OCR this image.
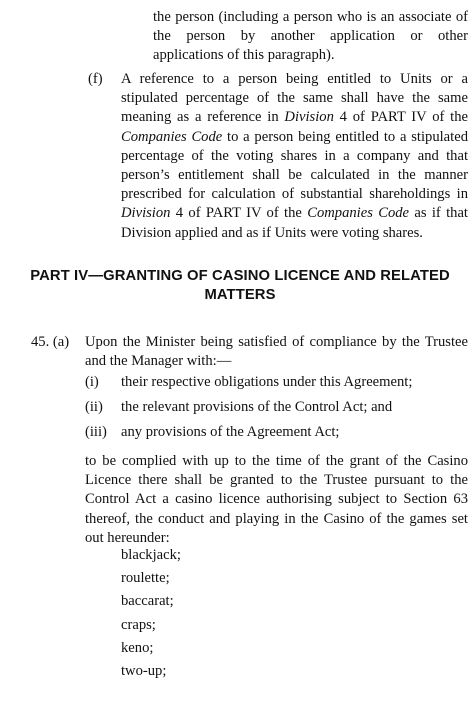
the person (including a person who is an associate of the person by another application or other applications of this paragraph).
(f) A reference to a person being entitled to Units or a stipulated percentage of the same shall have the same meaning as a reference in Division 4 of PART IV of the Companies Code to a person being entitled to a stipulated percentage of the voting shares in a company and that person’s entitlement shall be calculated in the manner prescribed for calculation of substantial shareholdings in Division 4 of PART IV of the Companies Code as if that Division applied and as if Units were voting shares.
PART IV—GRANTING OF CASINO LICENCE AND RELATED MATTERS
45. (a) Upon the Minister being satisfied of compliance by the Trustee and the Manager with:—
(i) their respective obligations under this Agreement;
(ii) the relevant provisions of the Control Act; and
(iii) any provisions of the Agreement Act;
to be complied with up to the time of the grant of the Casino Licence there shall be granted to the Trustee pursuant to the Control Act a casino licence authorising subject to Section 63 thereof, the conduct and playing in the Casino of the games set out hereunder:
blackjack;
roulette;
baccarat;
craps;
keno;
two-up;
